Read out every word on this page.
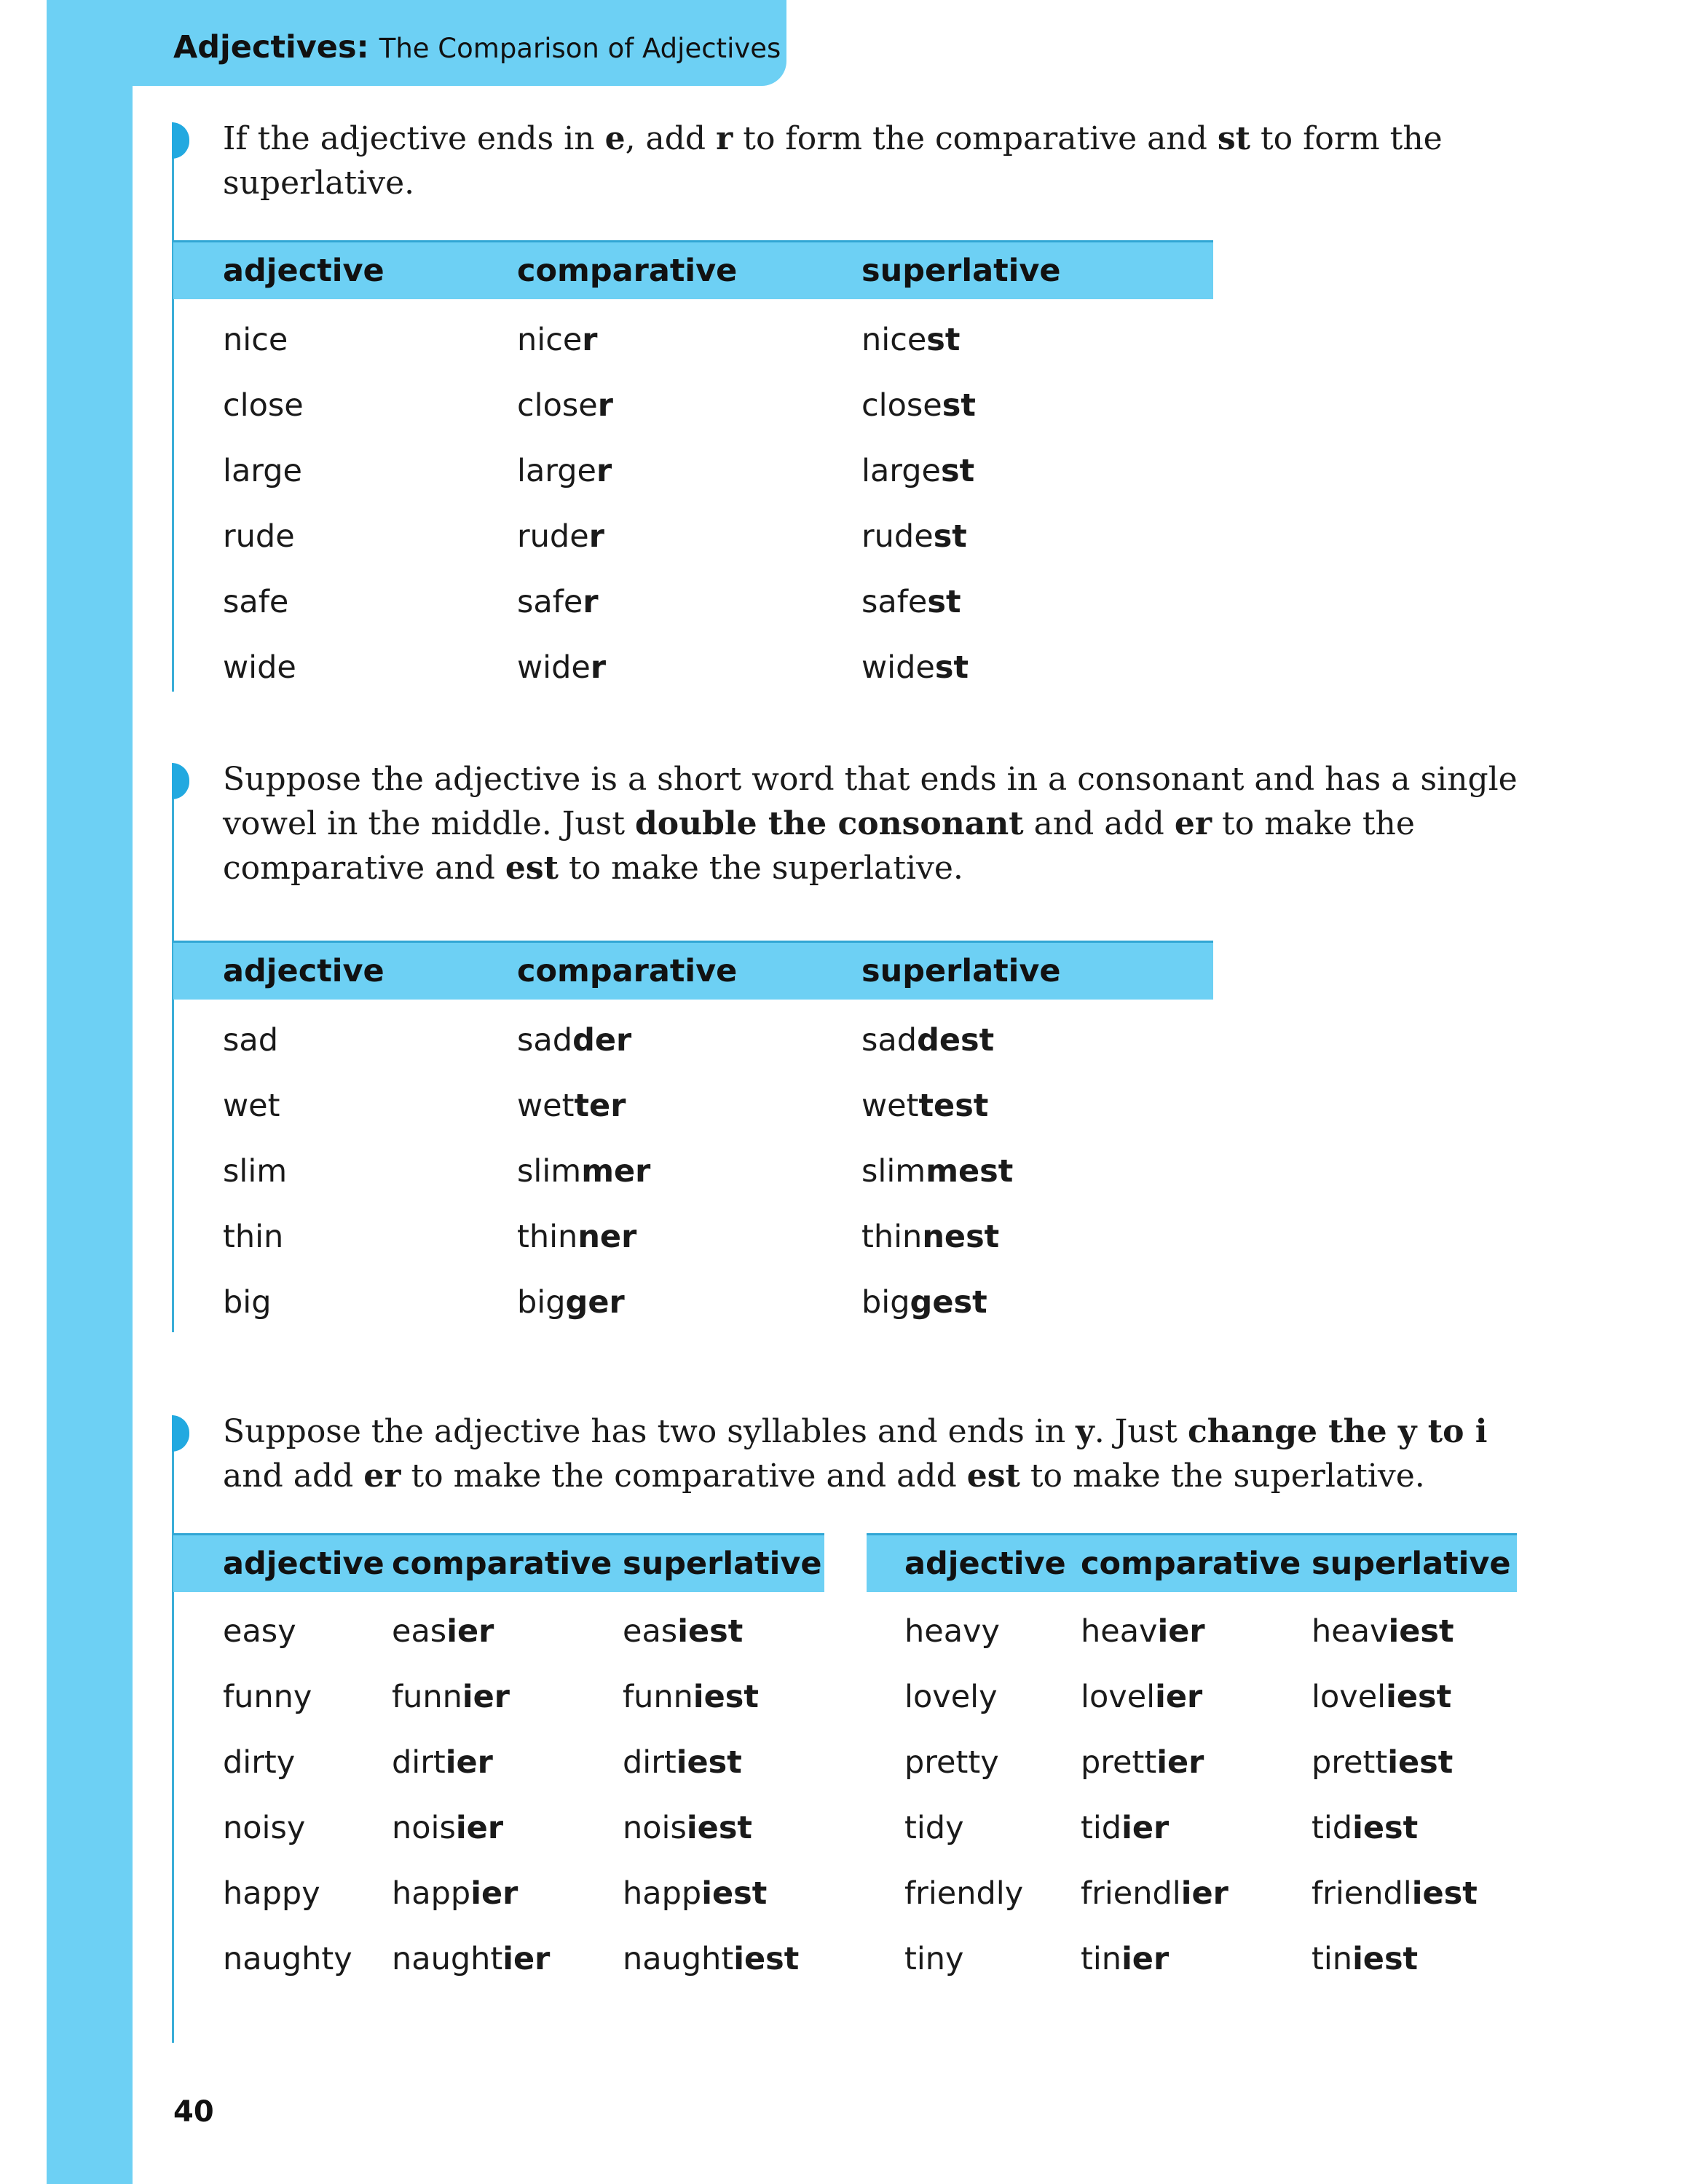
Adjectives: The Comparison of Adjectives
If the adjective ends in e, add r to form the comparative and st to form the superlative.
adjective	comparative	superlative
nice	nicer	nicest
close	closer	closest
large	larger	largest
rude	ruder	rudest
safe	safer	safest
wide	wider	widest
Suppose the adjective is a short word that ends in a consonant and has a single vowel in the middle. Just double the consonant and add er to make the comparative and est to make the superlative.
adjective	comparative	superlative
sad	sadder	saddest
wet	wetter	wettest
slim	slimmer	slimmest
thin	thinner	thinnest
big	bigger	biggest
Suppose the adjective has two syllables and ends in y. Just change the y to i and add er to make the comparative and add est to make the superlative.
adjective comparative superlative
easy	easier	easiest
funny	funnier	funniest
dirty	dirtier	dirtiest
noisy	noisier	noisiest
happy happier	happiest
naughty naughtier naughtiest
adjective comparative superlative
heavy	heavier	heaviest
lovely	lovelier	loveliest
pretty	prettier	prettiest
tidy	tidier	tidiest
friendly friendlier	friendliest
tiny	tinier	tiniest
40
